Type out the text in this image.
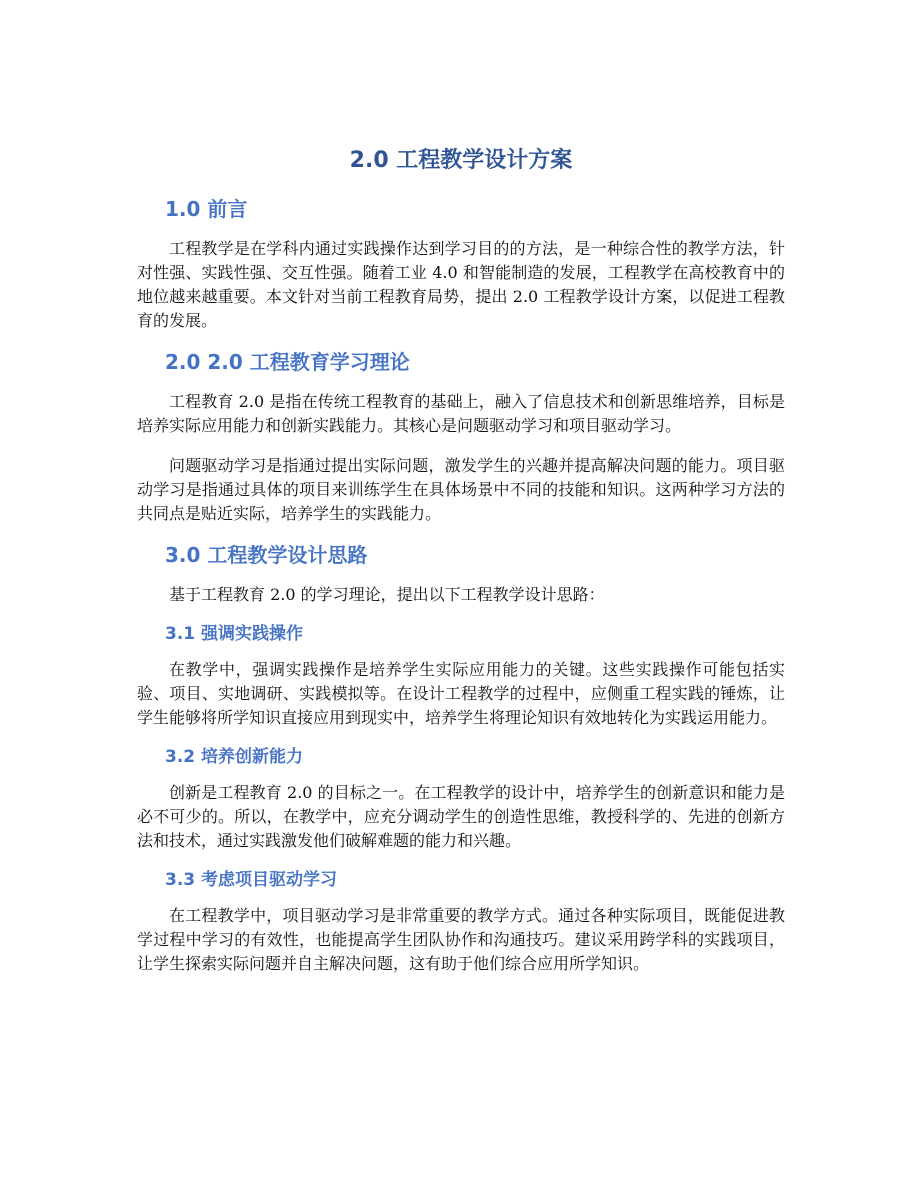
2.0 工程教学设计方案
1.0 前言

工程教学是在学科内通过实践操作达到学习目的的方法，是一种综合性的教学方法，针对性强、实践性强、交互性强。随着工业 4.0 和智能制造的发展，工程教学在高校教育中的地位越来越重要。本文针对当前工程教育局势，提出 2.0 工程教学设计方案，以促进工程教育的发展。

2.0 2.0 工程教育学习理论

工程教育 2.0 是指在传统工程教育的基础上，融入了信息技术和创新思维培养，目标是培养实际应用能力和创新实践能力。其核心是问题驱动学习和项目驱动学习。

问题驱动学习是指通过提出实际问题，激发学生的兴趣并提高解决问题的能力。项目驱动学习是指通过具体的项目来训练学生在具体场景中不同的技能和知识。这两种学习方法的共同点是贴近实际，培养学生的实践能力。

3.0 工程教学设计思路

基于工程教育 2.0 的学习理论，提出以下工程教学设计思路：

3.1 强调实践操作

在教学中，强调实践操作是培养学生实际应用能力的关键。这些实践操作可能包括实验、项目、实地调研、实践模拟等。在设计工程教学的过程中，应侧重工程实践的锤炼，让学生能够将所学知识直接应用到现实中，培养学生将理论知识有效地转化为实践运用能力。

3.2 培养创新能力

创新是工程教育 2.0 的目标之一。在工程教学的设计中，培养学生的创新意识和能力是必不可少的。所以，在教学中，应充分调动学生的创造性思维，教授科学的、先进的创新方法和技术，通过实践激发他们破解难题的能力和兴趣。

3.3 考虑项目驱动学习

在工程教学中，项目驱动学习是非常重要的教学方式。通过各种实际项目，既能促进教学过程中学习的有效性，也能提高学生团队协作和沟通技巧。建议采用跨学科的实践项目，让学生探索实际问题并自主解决问题，这有助于他们综合应用所学知识。
